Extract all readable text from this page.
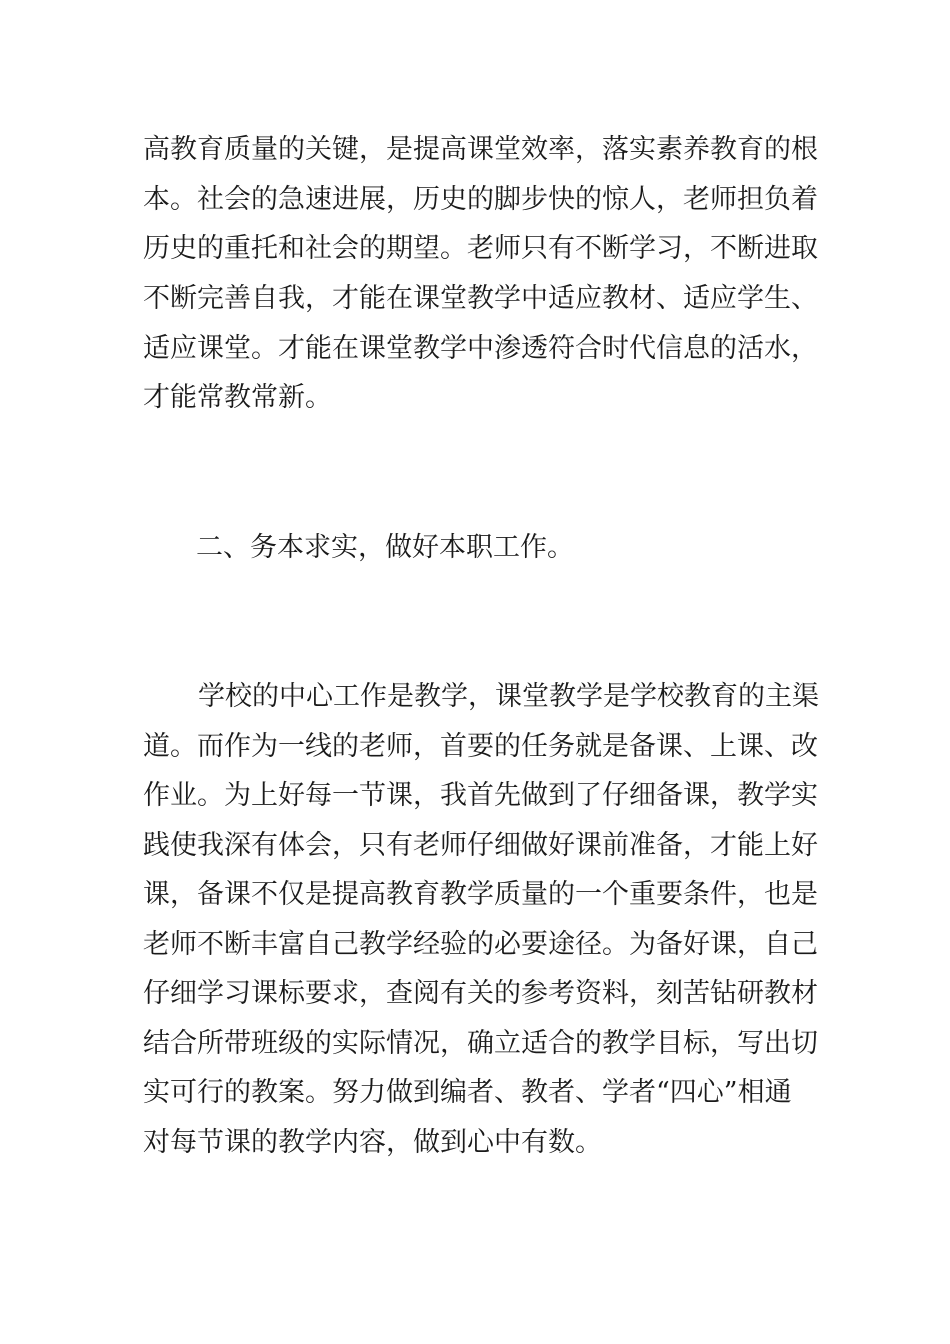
高教育质量的关键，是提高课堂效率，落实素养教育的根
本。社会的急速进展，历史的脚步快的惊人，老师担负着
历史的重托和社会的期望。老师只有不断学习，不断进取
不断完善自我，才能在课堂教学中适应教材、适应学生、
适应课堂。才能在课堂教学中渗透符合时代信息的活水，
才能常教常新。
二、务本求实，做好本职工作。
学校的中心工作是教学，课堂教学是学校教育的主渠
道。而作为一线的老师，首要的任务就是备课、上课、改
作业。为上好每一节课，我首先做到了仔细备课，教学实
践使我深有体会，只有老师仔细做好课前准备，才能上好
课，备课不仅是提高教育教学质量的一个重要条件，也是
老师不断丰富自己教学经验的必要途径。为备好课，自己
仔细学习课标要求，查阅有关的参考资料，刻苦钻研教材
结合所带班级的实际情况，确立适合的教学目标，写出切
实可行的教案。努力做到编者、教者、学者“四心”相通
对每节课的教学内容，做到心中有数。
